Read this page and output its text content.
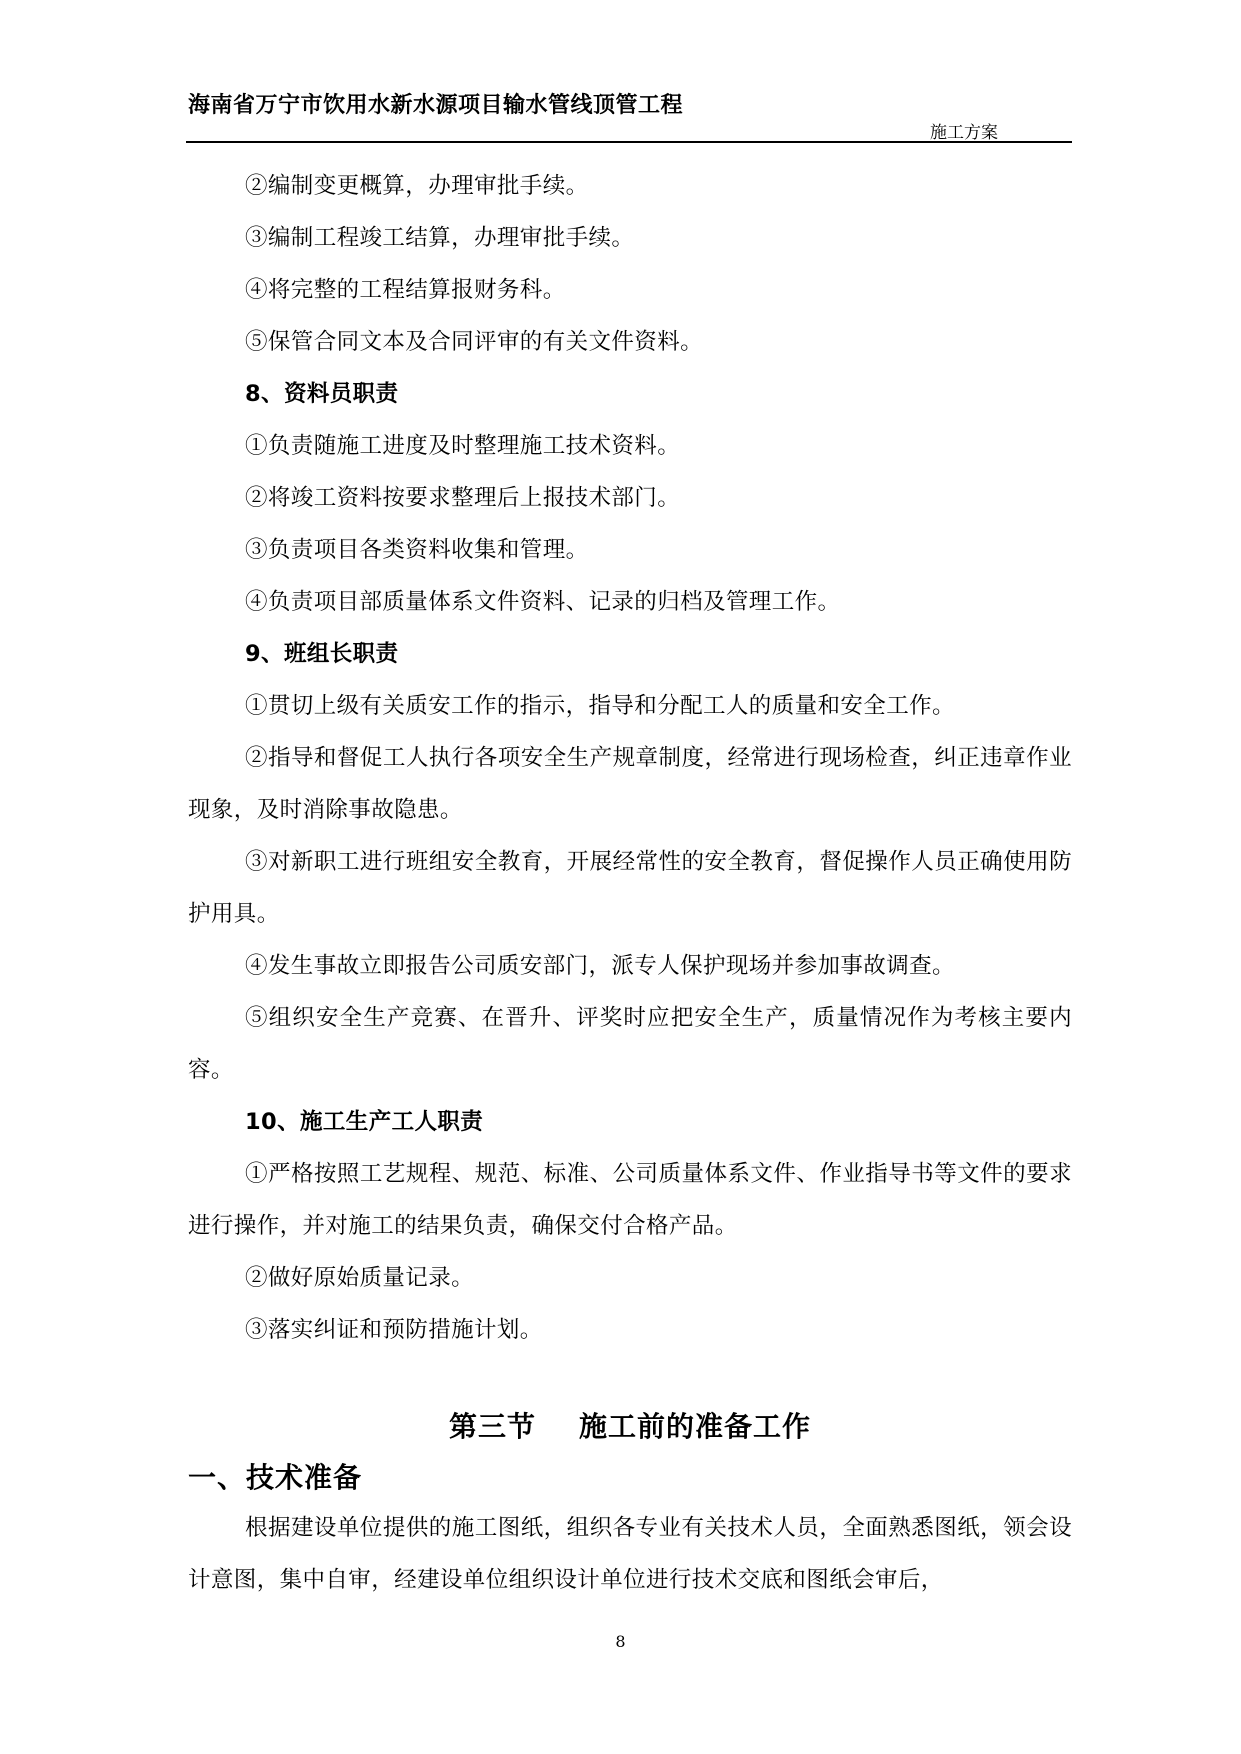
海南省万宁市饮用水新水源项目输水管线顶管工程
施工方案

②编制变更概算，办理审批手续。

③编制工程竣工结算，办理审批手续。

④将完整的工程结算报财务科。

⑤保管合同文本及合同评审的有关文件资料。

8、资料员职责

①负责随施工进度及时整理施工技术资料。

②将竣工资料按要求整理后上报技术部门。

③负责项目各类资料收集和管理。

④负责项目部质量体系文件资料、记录的归档及管理工作。

9、班组长职责

①贯切上级有关质安工作的指示，指导和分配工人的质量和安全工作。

②指导和督促工人执行各项安全生产规章制度，经常进行现场检查，纠正违章作业现象，及时消除事故隐患。

③对新职工进行班组安全教育，开展经常性的安全教育，督促操作人员正确使用防护用具。

④发生事故立即报告公司质安部门，派专人保护现场并参加事故调查。

⑤组织安全生产竞赛、在晋升、评奖时应把安全生产，质量情况作为考核主要内容。

10、施工生产工人职责

①严格按照工艺规程、规范、标准、公司质量体系文件、作业指导书等文件的要求进行操作，并对施工的结果负责，确保交付合格产品。

②做好原始质量记录。

③落实纠证和预防措施计划。

第三节    施工前的准备工作
一、技术准备

根据建设单位提供的施工图纸，组织各专业有关技术人员，全面熟悉图纸，领会设计意图，集中自审，经建设单位组织设计单位进行技术交底和图纸会审后，

8
